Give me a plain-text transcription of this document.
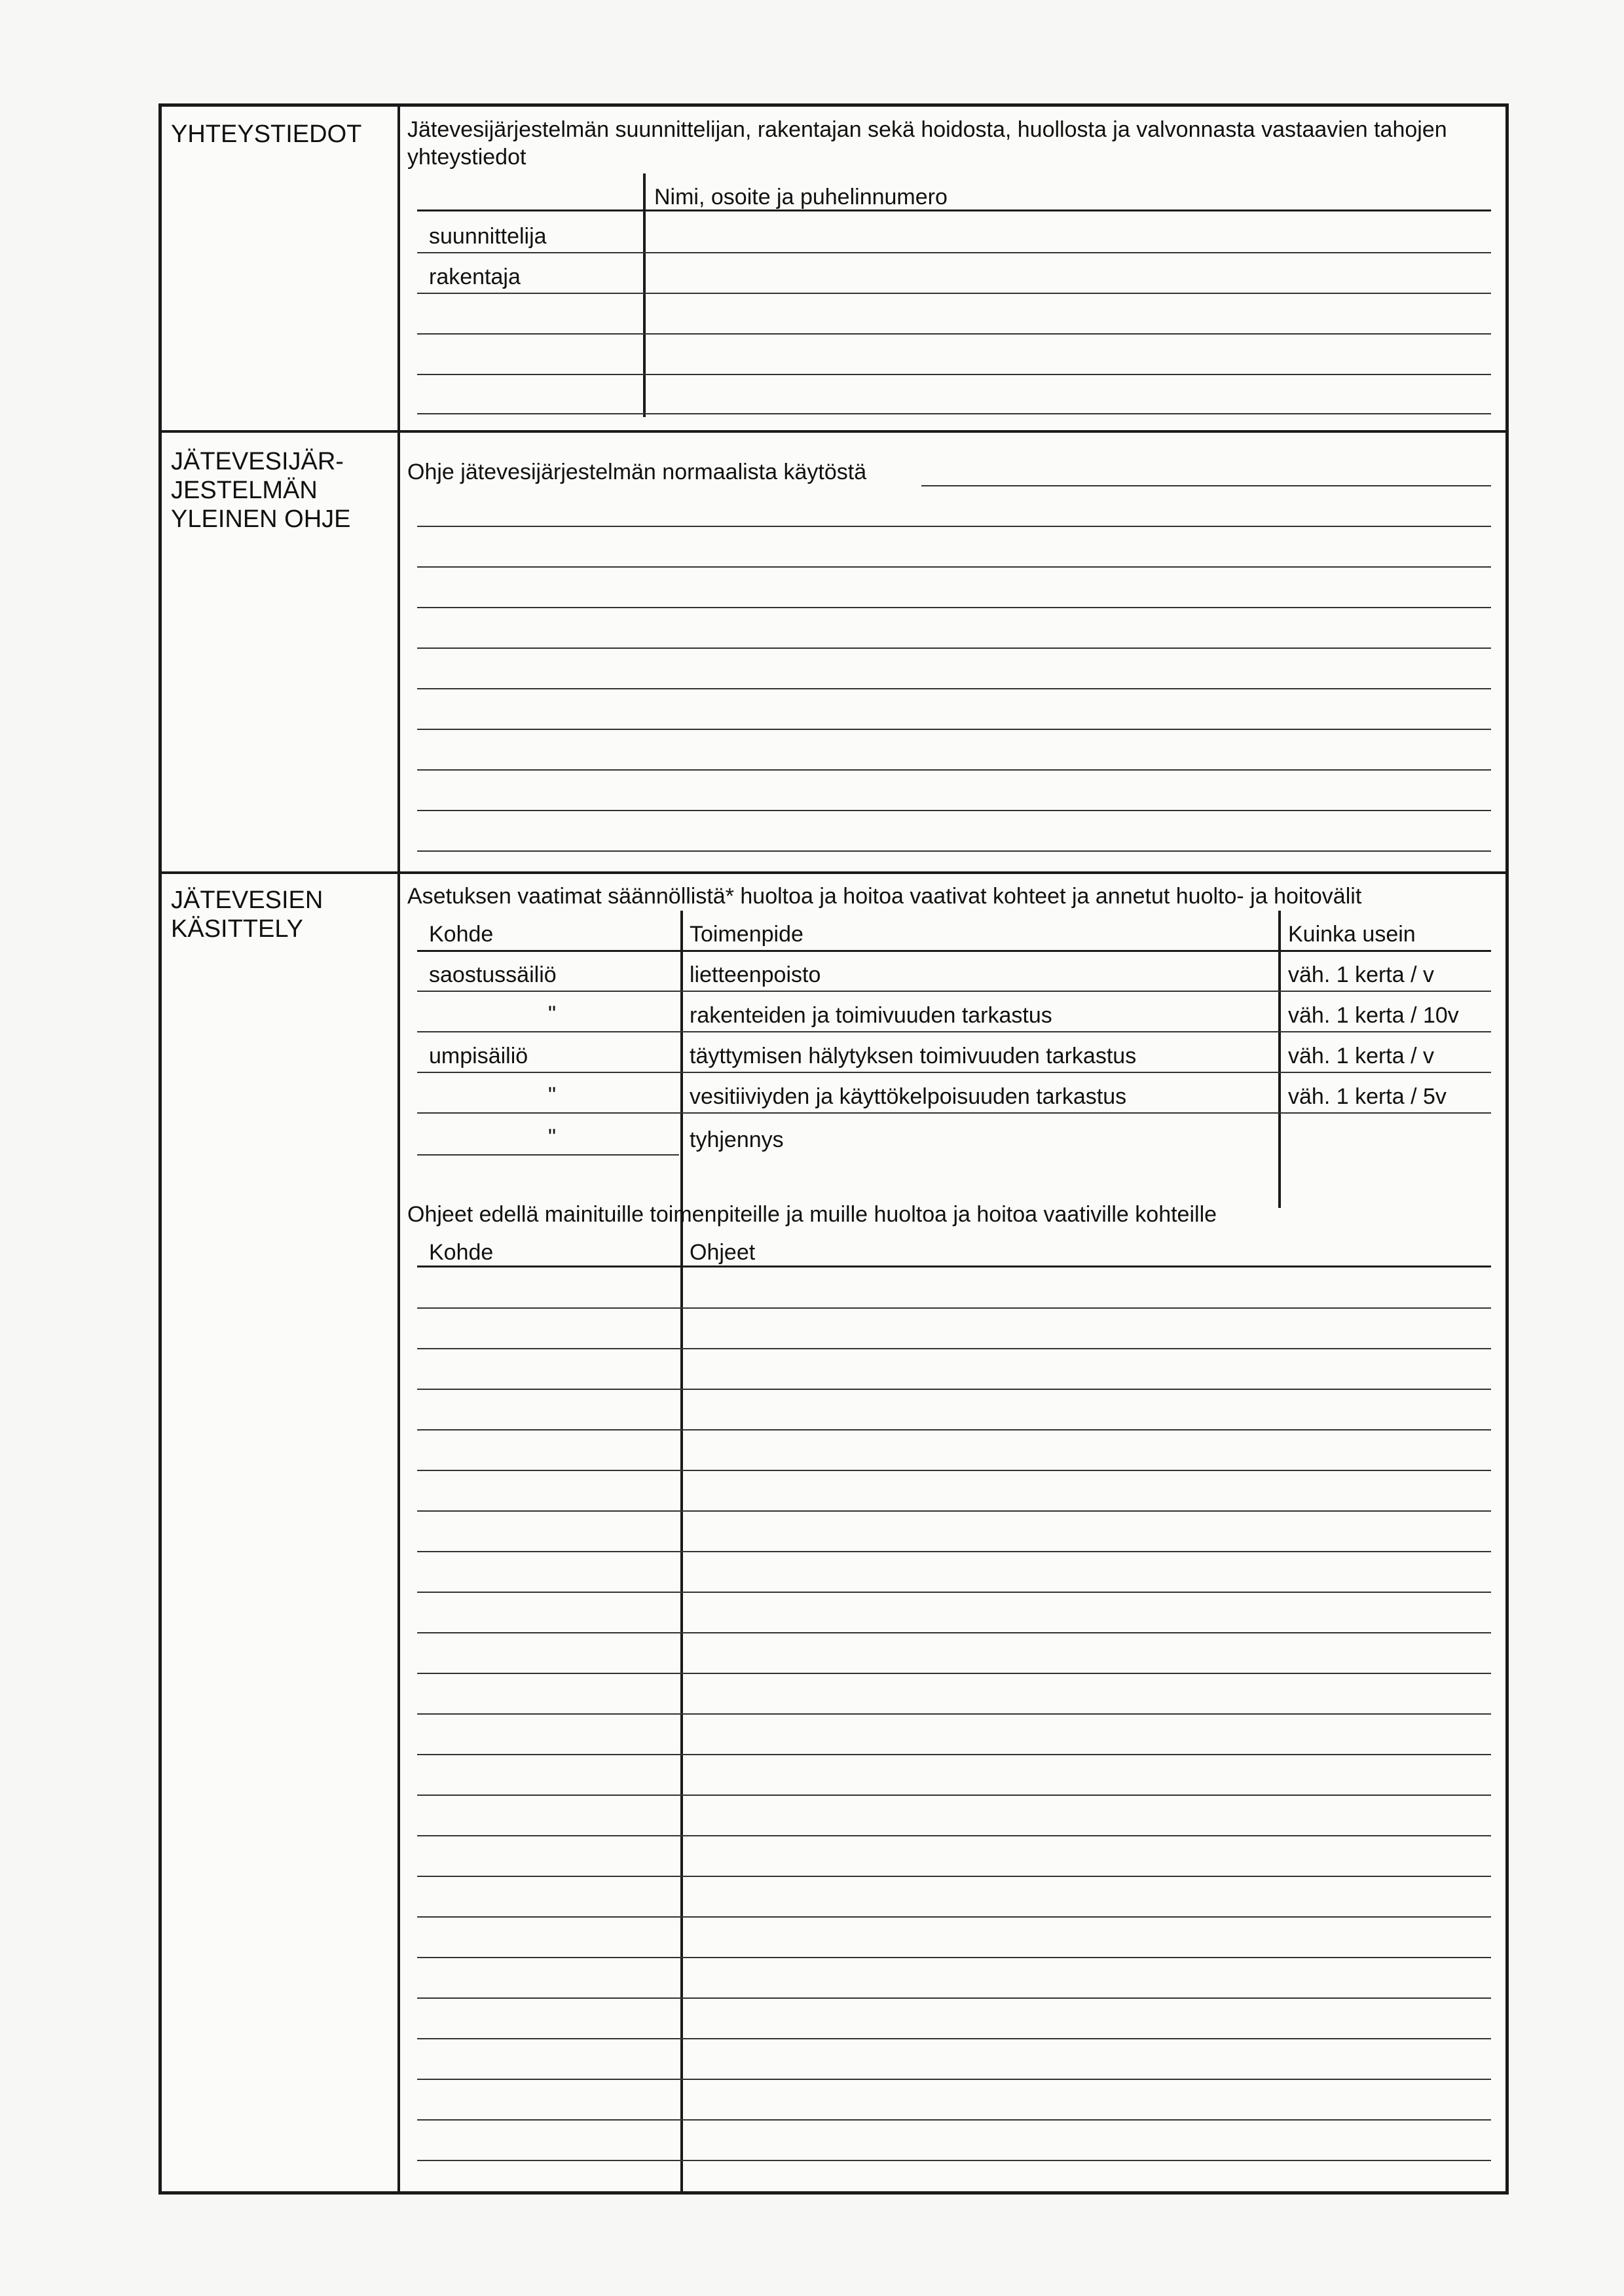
YHTEYSTIEDOT	Jätevesijärjestelmän suunnittelijan, rakentajan sekä hoidosta, huollosta ja valvonnasta vastaavien tahojen yhteystiedot
Nimi, osoite ja puhelinnumero
suunnittelija
rakentaja
JÄTEVESIJÄR-JESTELMÄN YLEINEN OHJE
Ohje jätevesijärjestelmän normaalista käytöstä
JÄTEVESIEN KÄSITTELY
Asetuksen vaatimat säännöllistä* huoltoa ja hoitoa vaativat kohteet ja annetut huolto- ja hoitovälit
Kohde	Toimenpide	Kuinka usein
saostussäiliö	lietteenpoisto	väh. 1 kerta / v
"	rakenteiden ja toimivuuden tarkastus	väh. 1 kerta / 10v
umpisäiliö	täyttymisen hälytyksen toimivuuden tarkastus	väh. 1 kerta / v
"	vesitiiviyden ja käyttökelpoisuuden tarkastus	väh. 1 kerta / 5v
"	tyhjennys
Ohjeet edellä mainituille toimenpiteille ja muille huoltoa ja hoitoa vaativille kohteille
Kohde	Ohjeet
